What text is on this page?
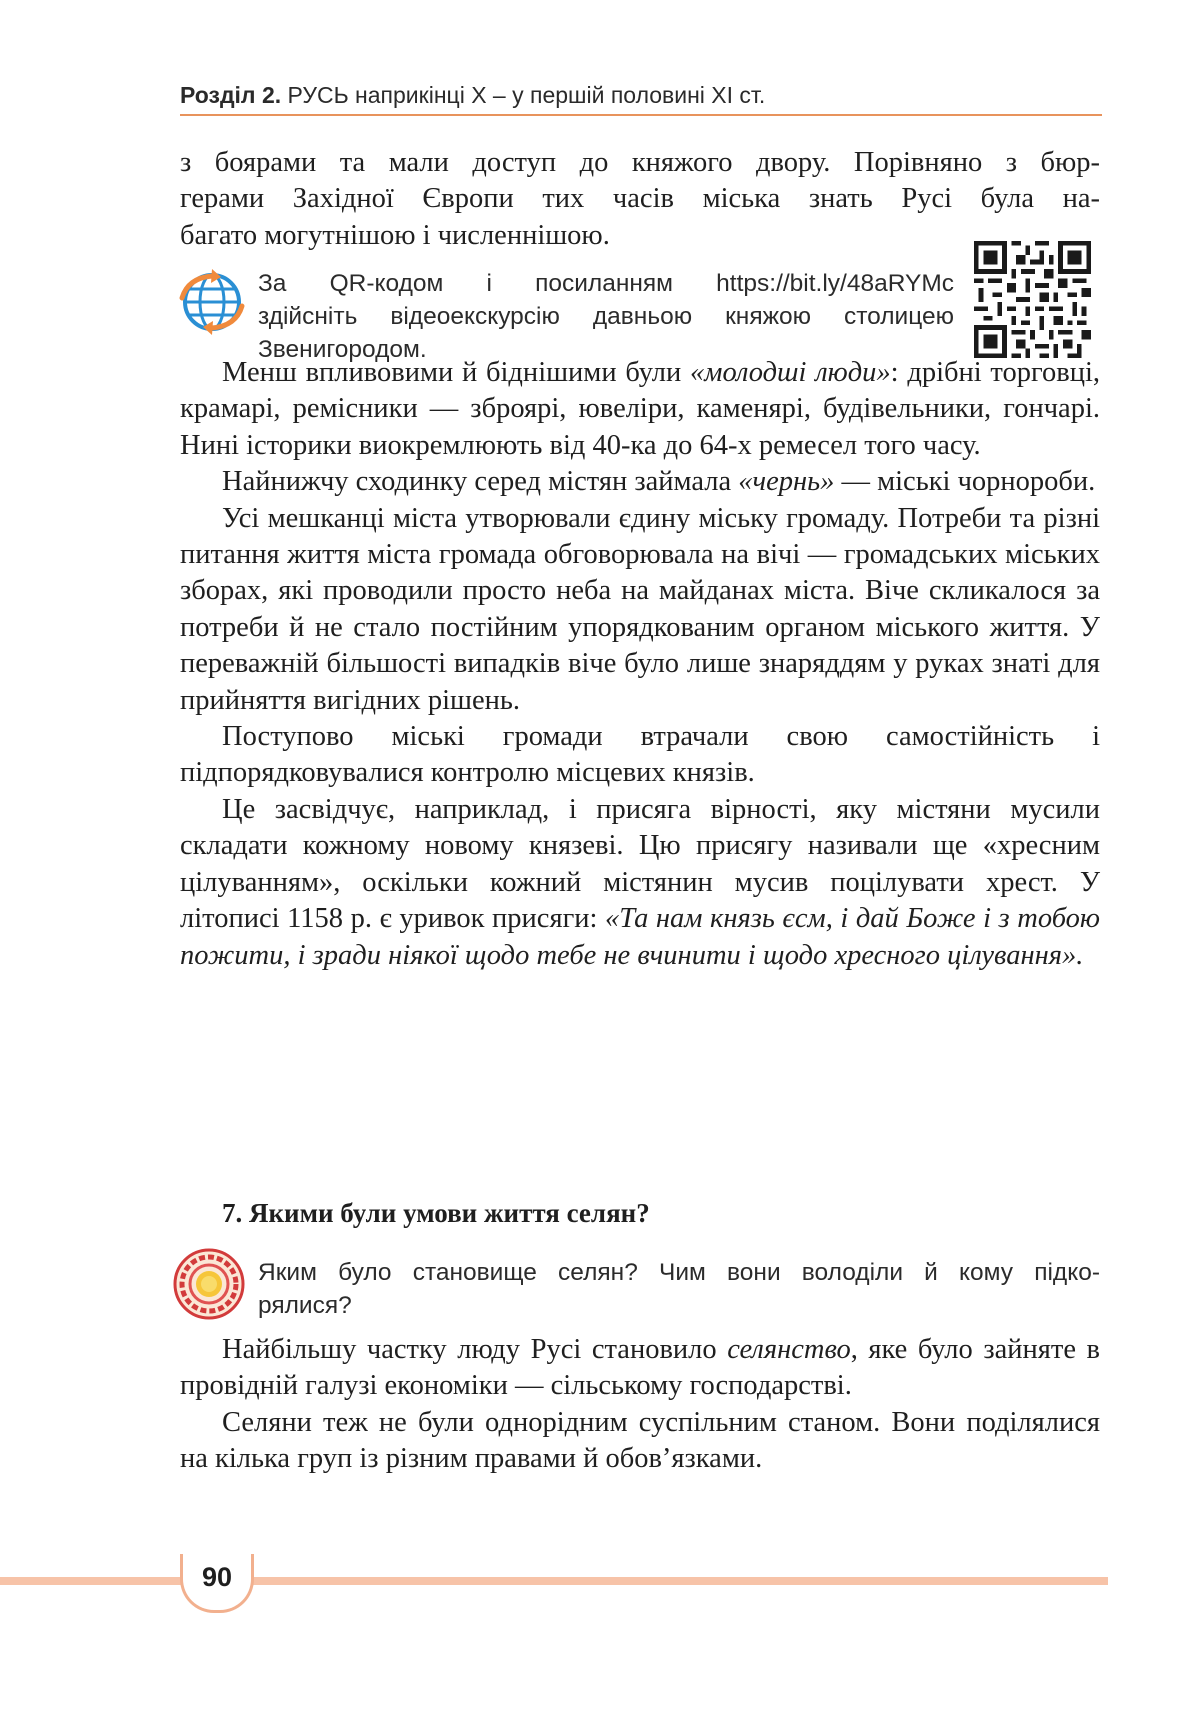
Розділ 2. РУСЬ наприкінці X – у першій половині XI ст.
з боярами та мали доступ до княжого двору. Порівняно з бюр-
герами Західної Європи тих часів міська знать Русі була на-
багато могутнішою і численнішою.
За QR-кодом і посиланням https://bit.ly/48aRYMc
здійсніть відеоекскурсію давньою княжою столицею
Звенигородом.

Менш впливовими й біднішими були «молодші люди»: дрібні торговці, крамарі, ремісники — зброярі, ювеліри, каменярі, будівельники, гончарі. Нині історики виокремлюють від 40-ка до 64-х ремесел того часу.

Найнижчу сходинку серед містян займала «чернь» — міські чорнороби.

Усі мешканці міста утворювали єдину міську громаду. Потреби та різні питання життя міста громада обговорювала на вічі — громадських міських зборах, які проводили просто неба на майданах міста. Віче скликалося за потреби й не стало постійним упорядкованим органом міського життя. У переважній більшості випадків віче було лише знаряддям у руках знаті для прийняття вигідних рішень.

Поступово міські громади втрачали свою самостійність і підпорядковувалися контролю місцевих князів.

Це засвідчує, наприклад, і присяга вірності, яку містяни мусили складати кожному новому князеві. Цю присягу називали ще «хресним цілуванням», оскільки кожний містянин мусив поцілувати хрест. У літописі 1158 р. є уривок присяги: «Та нам князь єсм, і дай Боже і з тобою пожити, і зради ніякої щодо тебе не вчинити і щодо хресного цілування».

7. Якими були умови життя селян?
Яким було становище селян? Чим вони володіли й кому підко-
рялися?

Найбільшу частку люду Русі становило селянство, яке було зайняте в провідній галузі економіки — сільському господарстві.

Селяни теж не були однорідним суспільним станом. Вони поділялися на кілька груп із різним правами й обов’язками.

90
